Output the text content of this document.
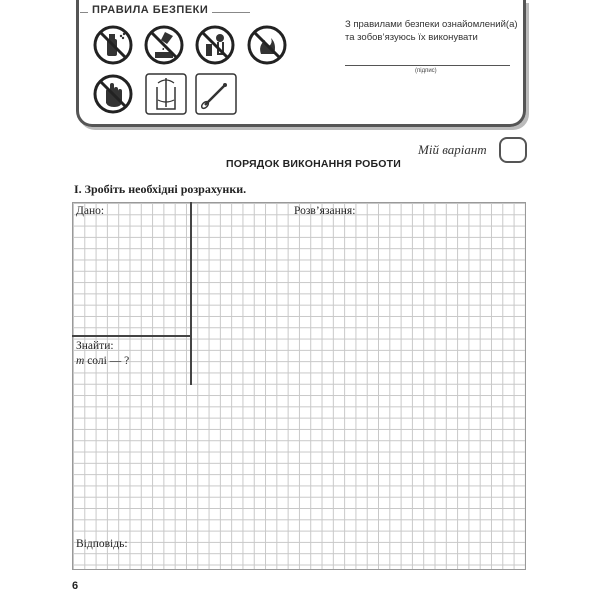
ПРАВИЛА БЕЗПЕКИ
З правилами безпеки ознайомлений(а) та зобов’язуюсь їх виконувати
(підпис)
Мій варіант
ПОРЯДОК ВИКОНАННЯ РОБОТИ
I. Зробіть необхідні розрахунки.
Дано:	Розв’язання:
Знайти:
m солі — ?
Відповідь:
6
